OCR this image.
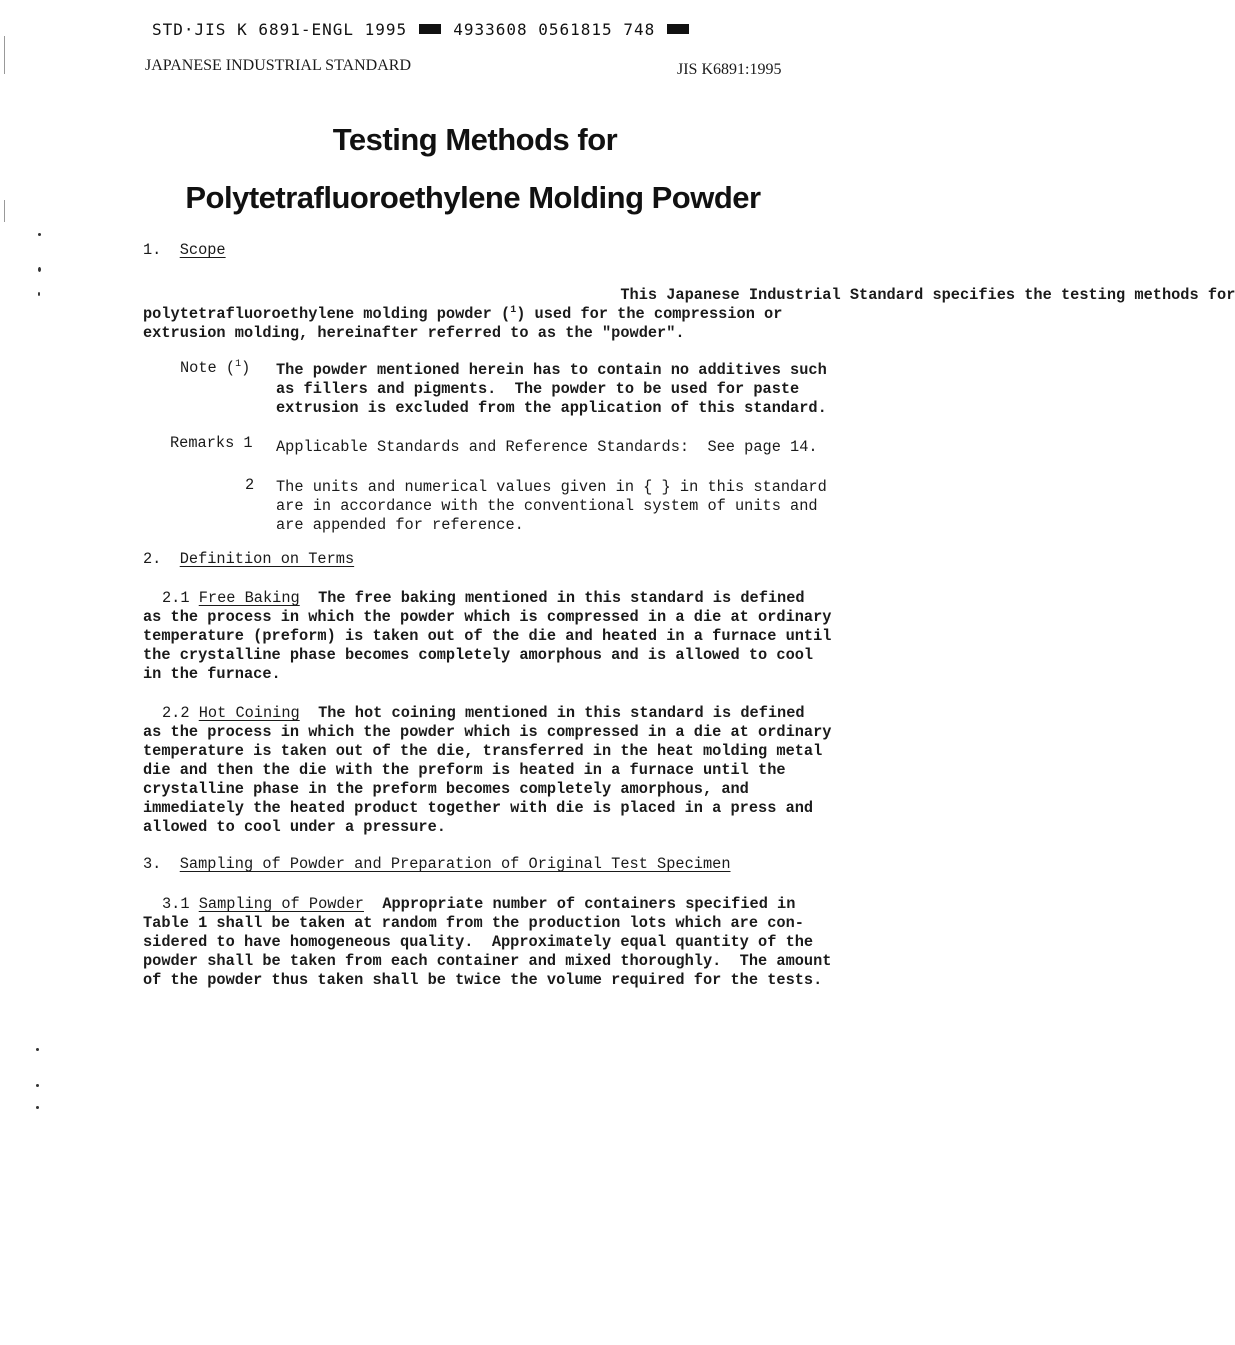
STD·JIS K 6891-ENGL 1995	4933608 0561815 748
JAPANESE INDUSTRIAL STANDARD	JIS K6891:1995
Testing Methods for
Polytetrafluoroethylene Molding Powder
1. Scope
This Japanese Industrial Standard specifies the testing methods for
polytetrafluoroethylene molding powder ($^1$) used for the compression or
extrusion molding, hereinafter referred to as the "powder".
Note ($^1$) The powder mentioned herein has to contain no additives such
as fillers and pigments.  The powder to be used for paste
extrusion is excluded from the application of this standard.
Remarks 1 Applicable Standards and Reference Standards:  See page 14.
2 The units and numerical values given in { } in this standard
are in accordance with the conventional system of units and
are appended for reference.
2. Definition on Terms
2.1 Free Baking The free baking mentioned in this standard is defined
as the process in which the powder which is compressed in a die at ordinary
temperature (preform) is taken out of the die and heated in a furnace until
the crystalline phase becomes completely amorphous and is allowed to cool
in the furnace.
2.2 Hot Coining The hot coining mentioned in this standard is defined
as the process in which the powder which is compressed in a die at ordinary
temperature is taken out of the die, transferred in the heat molding metal
die and then the die with the preform is heated in a furnace until the
crystalline phase in the preform becomes completely amorphous, and
immediately the heated product together with die is placed in a press and
allowed to cool under a pressure.
3. Sampling of Powder and Preparation of Original Test Specimen
3.1 Sampling of Powder Appropriate number of containers specified in
Table 1 shall be taken at random from the production lots which are con-
sidered to have homogeneous quality.  Approximately equal quantity of the
powder shall be taken from each container and mixed thoroughly.  The amount
of the powder thus taken shall be twice the volume required for the tests.
